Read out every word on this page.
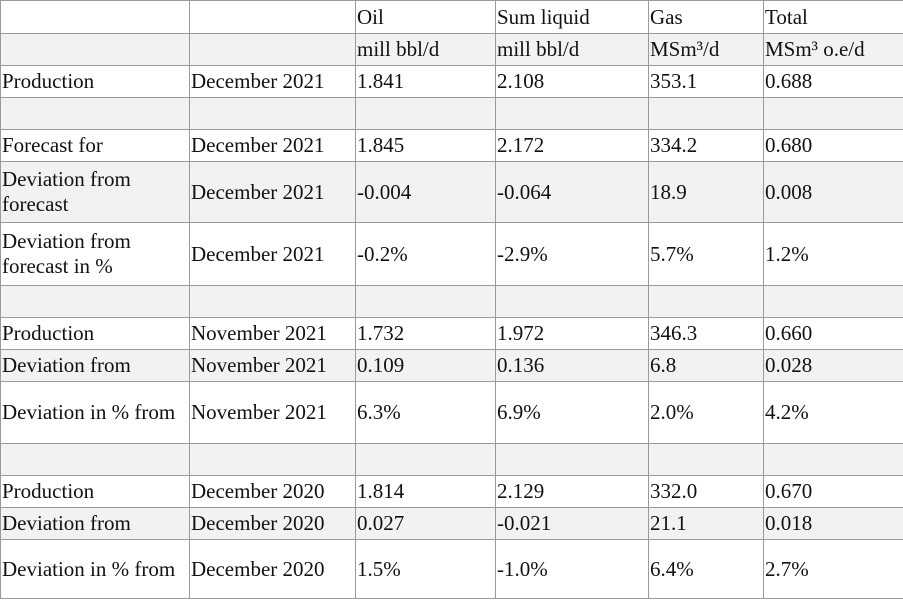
		Oil	Sum liquid	Gas	Total
		mill bbl/d	mill bbl/d	MSm³/d	MSm³ o.e/d
Production	December 2021	1.841	2.108	353.1	0.688

Forecast for	December 2021	1.845	2.172	334.2	0.680
Deviation from forecast	December 2021	-0.004	-0.064	18.9	0.008
Deviation from forecast in %	December 2021	-0.2%	-2.9%	5.7%	1.2%

Production	November 2021	1.732	1.972	346.3	0.660
Deviation from	November 2021	0.109	0.136	6.8	0.028
Deviation in % from	November 2021	6.3%	6.9%	2.0%	4.2%

Production	December 2020	1.814	2.129	332.0	0.670
Deviation from	December 2020	0.027	-0.021	21.1	0.018
Deviation in % from	December 2020	1.5%	-1.0%	6.4%	2.7%
